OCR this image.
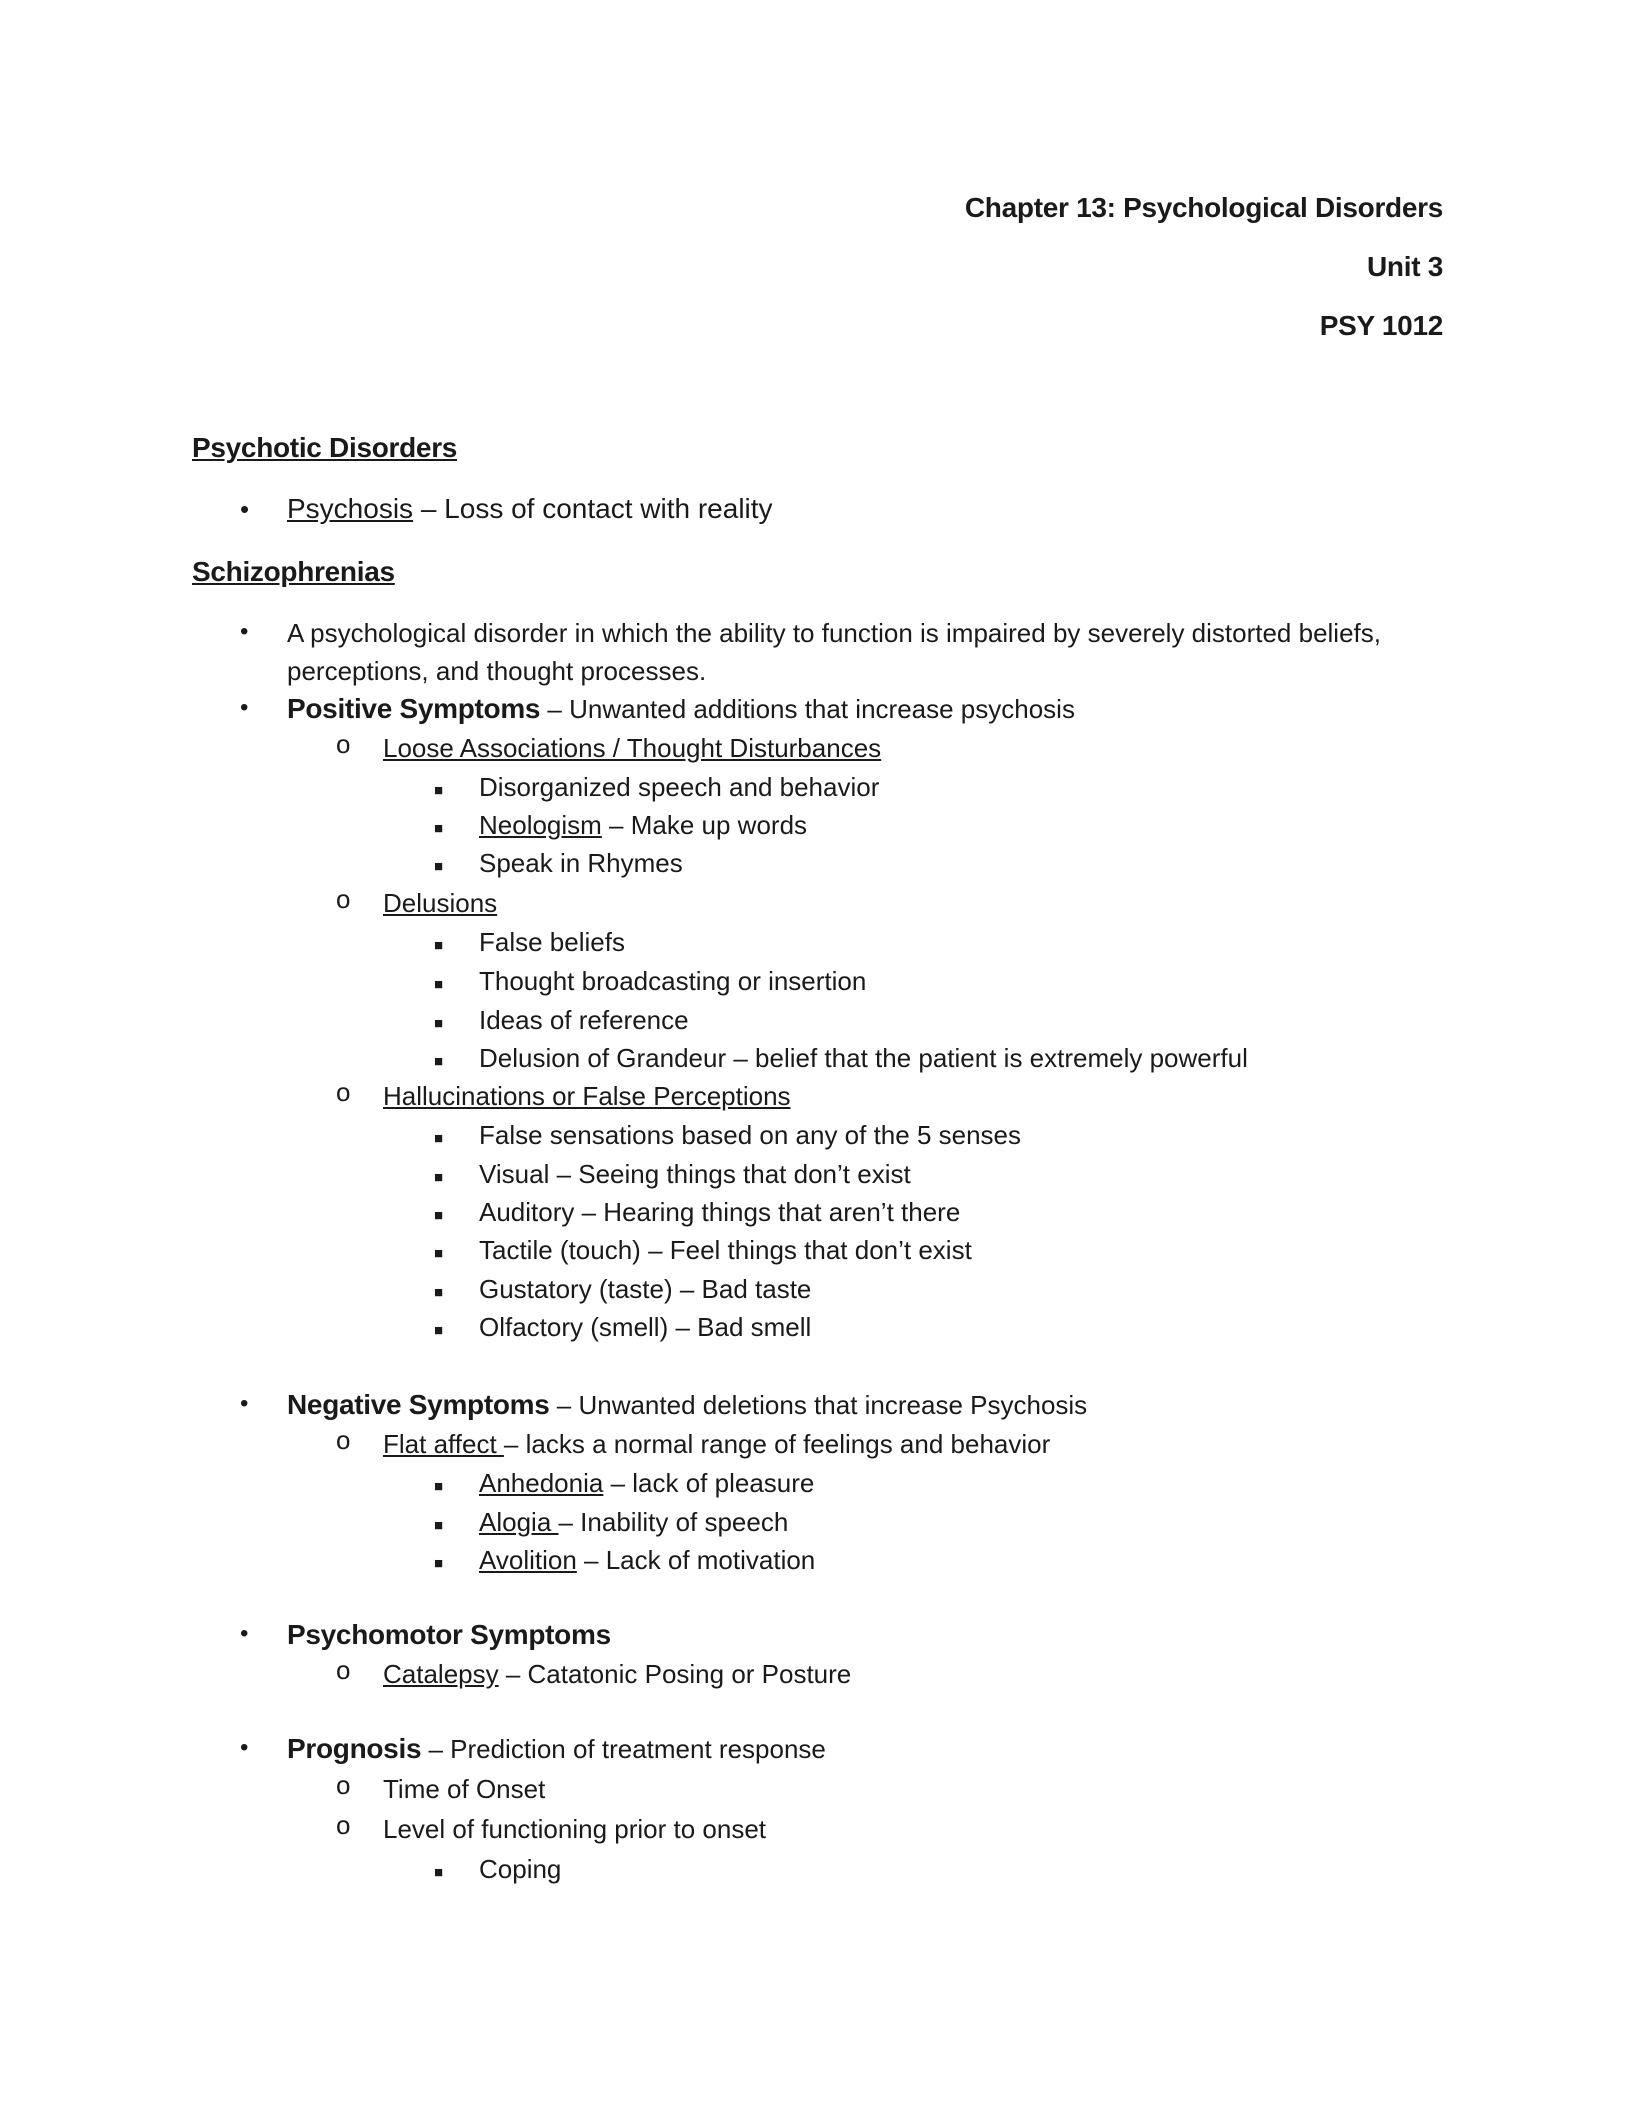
Chapter 13: Psychological Disorders
Unit 3
PSY 1012
Psychotic Disorders
• Psychosis – Loss of contact with reality
Schizophrenias
• A psychological disorder in which the ability to function is impaired by severely distorted beliefs,
perceptions, and thought processes.
• Positive Symptoms – Unwanted additions that increase psychosis
o Loose Associations / Thought Disturbances
■ Disorganized speech and behavior
■ Neologism – Make up words
■ Speak in Rhymes
o Delusions
■ False beliefs
■ Thought broadcasting or insertion
■ Ideas of reference
■ Delusion of Grandeur – belief that the patient is extremely powerful
o Hallucinations or False Perceptions
■ False sensations based on any of the 5 senses
■ Visual – Seeing things that don’t exist
■ Auditory – Hearing things that aren’t there
■ Tactile (touch) – Feel things that don’t exist
■ Gustatory (taste) – Bad taste
■ Olfactory (smell) – Bad smell
• Negative Symptoms – Unwanted deletions that increase Psychosis
o Flat affect – lacks a normal range of feelings and behavior
■ Anhedonia – lack of pleasure
■ Alogia – Inability of speech
■ Avolition – Lack of motivation
• Psychomotor Symptoms
o Catalepsy – Catatonic Posing or Posture
• Prognosis – Prediction of treatment response
o Time of Onset
o Level of functioning prior to onset
■ Coping
